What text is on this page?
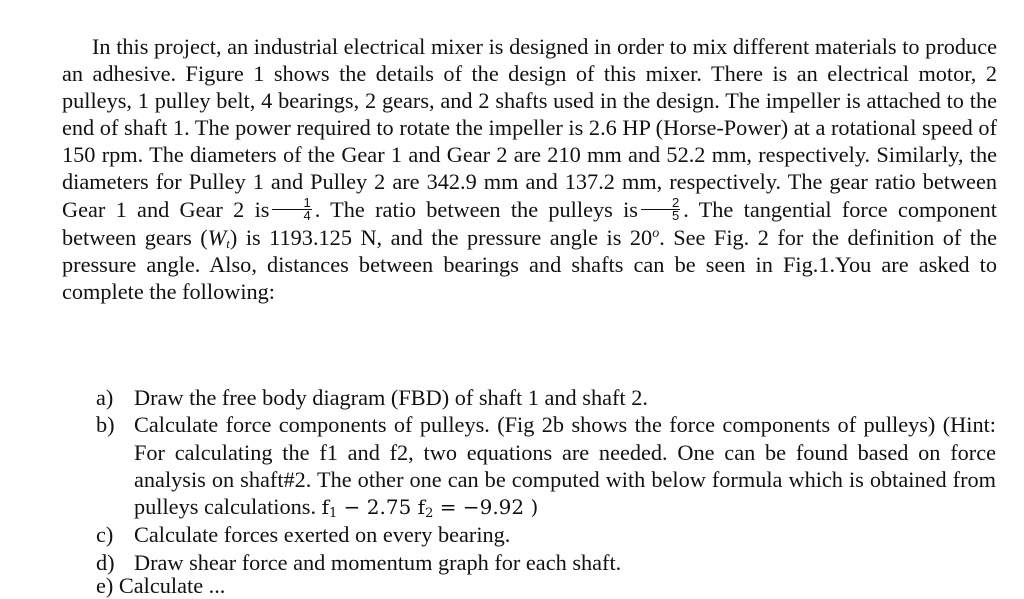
In this project, an industrial electrical mixer is designed in order to mix different materials to produce an adhesive. Figure 1 shows the details of the design of this mixer. There is an electrical motor, 2 pulleys, 1 pulley belt, 4 bearings, 2 gears, and 2 shafts used in the design. The impeller is attached to the end of shaft 1. The power required to rotate the impeller is 2.6 HP (Horse-Power) at a rotational speed of 150 rpm. The diameters of the Gear 1 and Gear 2 are 210 mm and 52.2 mm, respectively. Similarly, the diameters for Pulley 1 and Pulley 2 are 342.9 mm and 137.2 mm, respectively. The gear ratio between Gear 1 and Gear 2 is $\frac{1}{4}$ . The ratio between the pulleys is $\frac{2}{5}$ . The tangential force component between gears $(W_t)$ is 1193.125 N, and the pressure angle is 20$^o$. See Fig. 2 for the definition of the pressure angle. Also, distances between bearings and shafts can be seen in Fig.1.You are asked to complete the following:

a) Draw the free body diagram (FBD) of shaft 1 and shaft 2.
b) Calculate force components of pulleys. (Fig 2b shows the force components of pulleys) (Hint: For calculating the f1 and f2, two equations are needed. One can be found based on force analysis on shaft#2. The other one can be computed with below formula which is obtained from pulleys calculations. $f_1 - 2.75$ $f_2 = -9.92$ )
c) Calculate forces exerted on every bearing.
d) Draw shear force and momentum graph for each shaft.
e) Calculate ...
